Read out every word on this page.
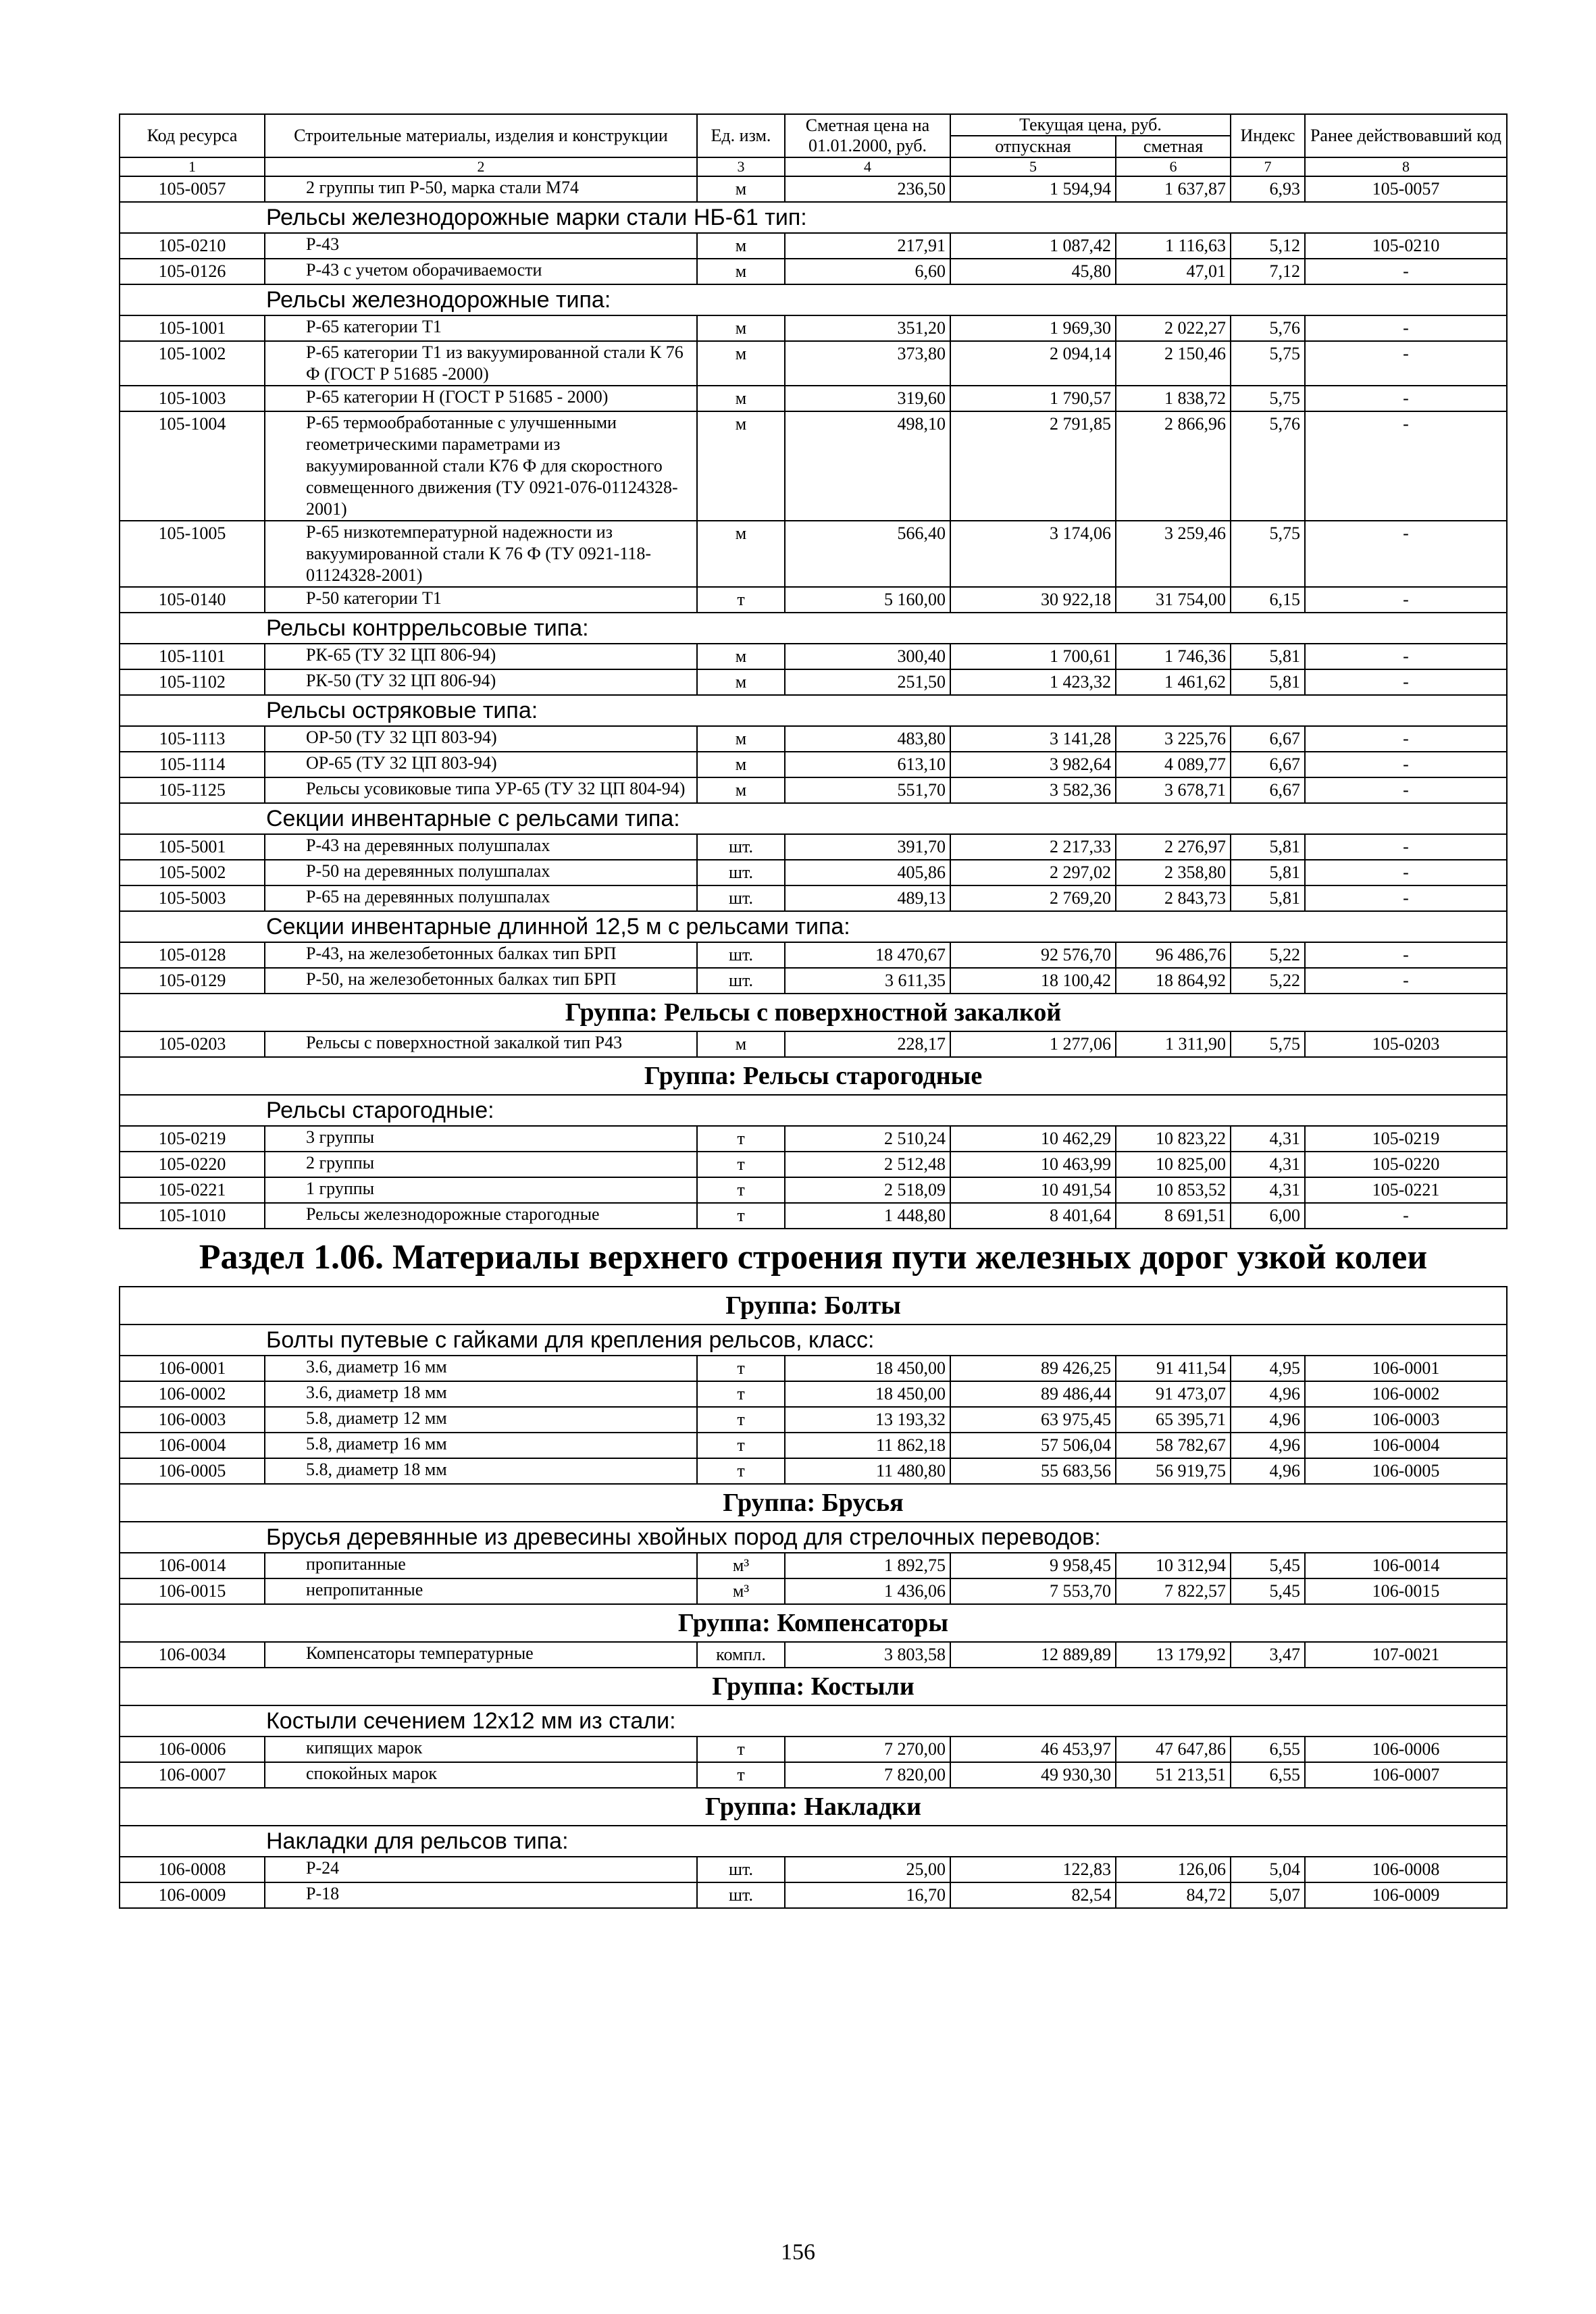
Код ресурса	Строительные материалы, изделия и конструкции	Ед. изм.	Сметная цена на 01.01.2000, руб.	Текущая цена, руб.		Индекс	Ранее действовавший код
				отпускная	сметная		
1	2	3	4	5	6	7	8
105-0057	2 группы тип Р-50, марка стали М74	м	236,50	1 594,94	1 637,87	6,93	105-0057
Рельсы железнодорожные марки стали НБ-61 тип:							
105-0210	Р-43	м	217,91	1 087,42	1 116,63	5,12	105-0210
105-0126	Р-43 с учетом оборачиваемости	м	6,60	45,80	47,01	7,12	-
Рельсы железнодорожные типа:							
105-1001	Р-65 категории Т1	м	351,20	1 969,30	2 022,27	5,76	-
105-1002	Р-65 категории Т1 из вакуумированной стали К 76 Ф (ГОСТ Р 51685 -2000)	м	373,80	2 094,14	2 150,46	5,75	-
105-1003	Р-65 категории Н (ГОСТ Р 51685 - 2000)	м	319,60	1 790,57	1 838,72	5,75	-
105-1004	Р-65 термообработанные с улучшенными геометрическими параметрами из вакуумированной стали К76 Ф для скоростного совмещенного движения (ТУ 0921-076-01124328-2001)	м	498,10	2 791,85	2 866,96	5,76	-
105-1005	Р-65 низкотемпературной надежности из вакуумированной стали К 76 Ф (ТУ 0921-118-01124328-2001)	м	566,40	3 174,06	3 259,46	5,75	-
105-0140	Р-50 категории Т1	т	5 160,00	30 922,18	31 754,00	6,15	-
Рельсы контррельсовые типа:							
105-1101	РК-65 (ТУ 32 ЦП 806-94)	м	300,40	1 700,61	1 746,36	5,81	-
105-1102	РК-50 (ТУ 32 ЦП 806-94)	м	251,50	1 423,32	1 461,62	5,81	-
Рельсы остряковые типа:							
105-1113	ОР-50 (ТУ 32 ЦП 803-94)	м	483,80	3 141,28	3 225,76	6,67	-
105-1114	ОР-65 (ТУ 32 ЦП 803-94)	м	613,10	3 982,64	4 089,77	6,67	-
105-1125	Рельсы усовиковые типа УР-65 (ТУ 32 ЦП 804-94)	м	551,70	3 582,36	3 678,71	6,67	-
Секции инвентарные с рельсами типа:							
105-5001	Р-43 на деревянных полушпалах	шт.	391,70	2 217,33	2 276,97	5,81	-
105-5002	Р-50 на деревянных полушпалах	шт.	405,86	2 297,02	2 358,80	5,81	-
105-5003	Р-65 на деревянных полушпалах	шт.	489,13	2 769,20	2 843,73	5,81	-
Секции инвентарные длинной 12,5 м с рельсами типа:							
105-0128	Р-43, на железобетонных балках тип БРП	шт.	18 470,67	92 576,70	96 486,76	5,22	-
105-0129	Р-50, на железобетонных балках тип БРП	шт.	3 611,35	18 100,42	18 864,92	5,22	-
Группа: Рельсы с поверхностной закалкой							
105-0203	Рельсы с поверхностной закалкой тип Р43	м	228,17	1 277,06	1 311,90	5,75	105-0203
Группа: Рельсы старогодные							
Рельсы старогодные:							
105-0219	3 группы	т	2 510,24	10 462,29	10 823,22	4,31	105-0219
105-0220	2 группы	т	2 512,48	10 463,99	10 825,00	4,31	105-0220
105-0221	1 группы	т	2 518,09	10 491,54	10 853,52	4,31	105-0221
105-1010	Рельсы железнодорожные старогодные	т	1 448,80	8 401,64	8 691,51	6,00	-
Раздел 1.06. Материалы верхнего строения пути железных дорог узкой колеи							
Группа: Болты							
Болты путевые с гайками для крепления рельсов, класс:							
106-0001	3.6, диаметр 16 мм	т	18 450,00	89 426,25	91 411,54	4,95	106-0001
106-0002	3.6, диаметр 18 мм	т	18 450,00	89 486,44	91 473,07	4,96	106-0002
106-0003	5.8, диаметр 12 мм	т	13 193,32	63 975,45	65 395,71	4,96	106-0003
106-0004	5.8, диаметр 16 мм	т	11 862,18	57 506,04	58 782,67	4,96	106-0004
106-0005	5.8, диаметр 18 мм	т	11 480,80	55 683,56	56 919,75	4,96	106-0005
Группа: Брусья							
Брусья деревянные из древесины хвойных пород для стрелочных переводов:							
106-0014	пропитанные	м³	1 892,75	9 958,45	10 312,94	5,45	106-0014
106-0015	непропитанные	м³	1 436,06	7 553,70	7 822,57	5,45	106-0015
Группа: Компенсаторы							
106-0034	Компенсаторы температурные	компл.	3 803,58	12 889,89	13 179,92	3,47	107-0021
Группа: Костыли							
Костыли сечением 12х12 мм из стали:							
106-0006	кипящих марок	т	7 270,00	46 453,97	47 647,86	6,55	106-0006
106-0007	спокойных марок	т	7 820,00	49 930,30	51 213,51	6,55	106-0007
Группа: Накладки							
Накладки для рельсов типа:							
106-0008	Р-24	шт.	25,00	122,83	126,06	5,04	106-0008
106-0009	Р-18	шт.	16,70	82,54	84,72	5,07	106-0009
156
